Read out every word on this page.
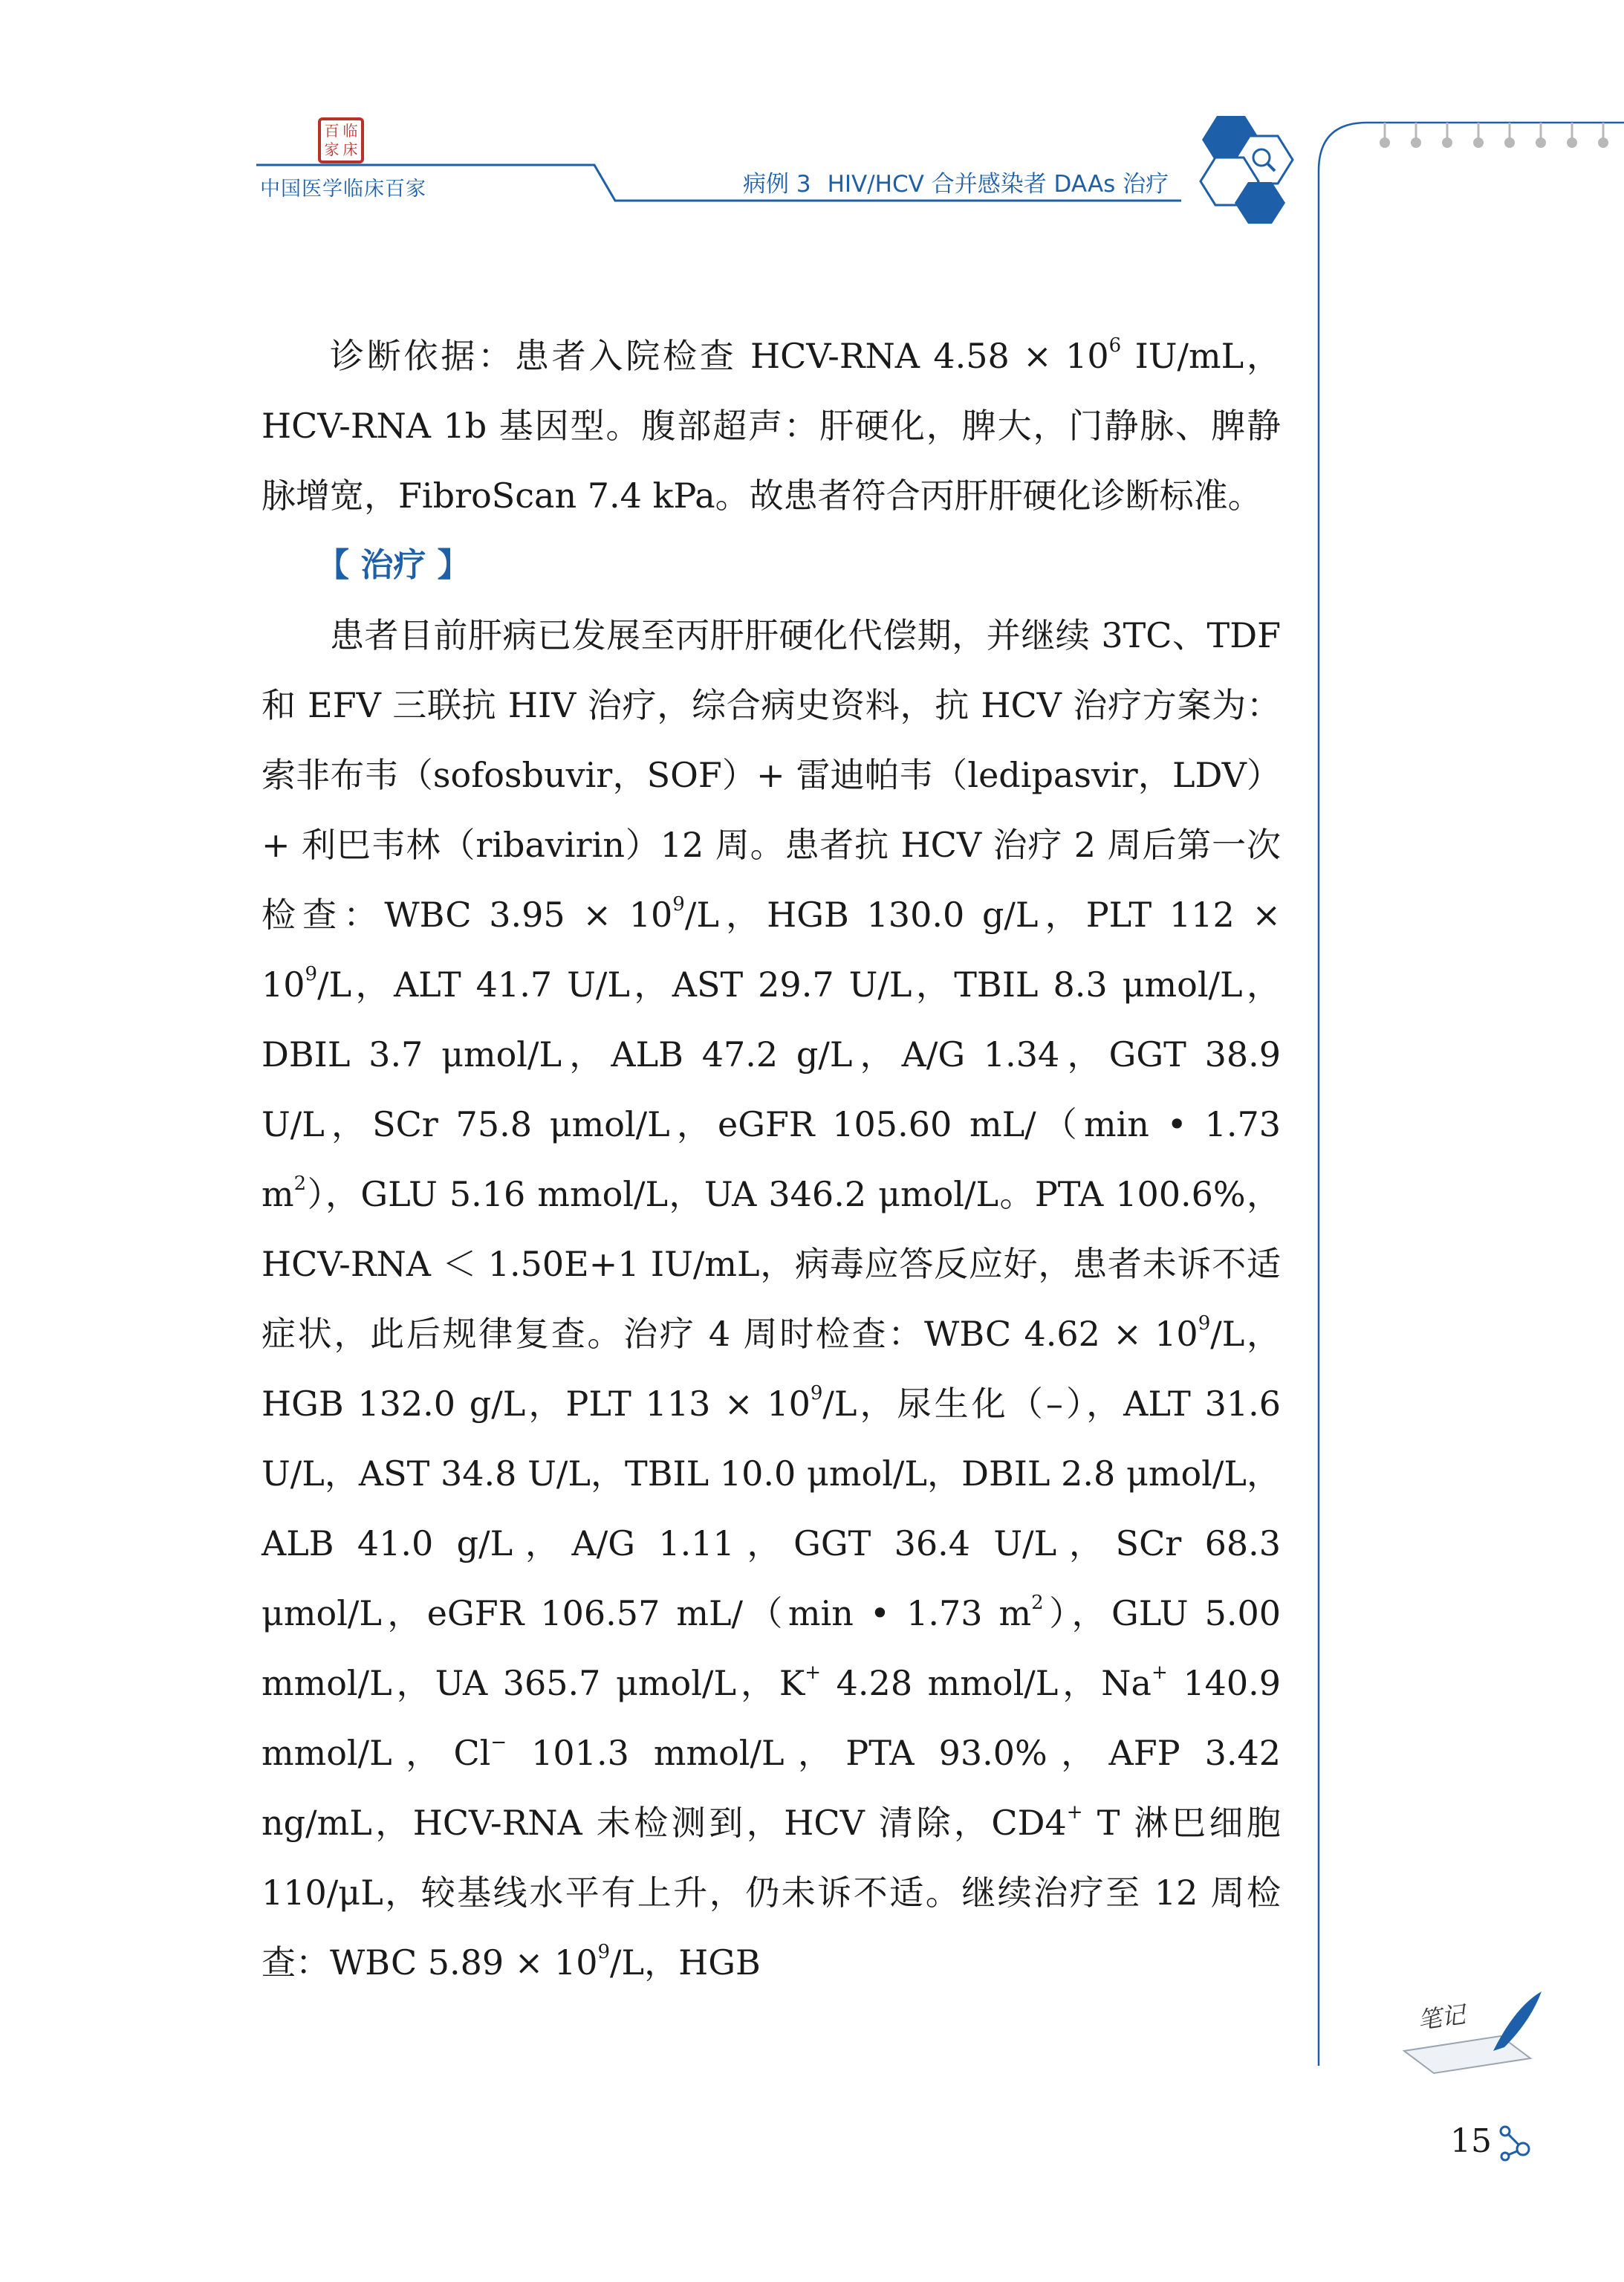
百 临
家 床
中国医学临床百家	病例 3 HIV/HCV 合并感染者 DAAs 治疗

诊断依据：患者入院检查 HCV-RNA $4.58 \times 10^6$ IU/mL，HCV-RNA 1b 基因型。腹部超声：肝硬化，脾大，门静脉、脾静脉增宽，FibroScan 7.4 kPa。故患者符合丙肝肝硬化诊断标准。

【 治疗 】

患者目前肝病已发展至丙肝肝硬化代偿期，并继续 3TC、TDF 和 EFV 三联抗 HIV 治疗，综合病史资料，抗 HCV 治疗方案为：索非布韦（sofosbuvir，SOF）+ 雷迪帕韦（ledipasvir，LDV）+ 利巴韦林（ribavirin）12 周。患者抗 HCV 治疗 2 周后第一次检查：WBC $3.95 \times 10^9/L$，HGB 130.0 g/L，PLT $112 \times 10^9/L$，ALT 41.7 U/L，AST 29.7 U/L，TBIL 8.3 μmol/L，DBIL 3.7 μmol/L，ALB 47.2 g/L，A/G 1.34，GGT 38.9 U/L，SCr 75.8 μmol/L，eGFR 105.60 mL/（min • 1.73 $m^2$），GLU 5.16 mmol/L，UA 346.2 μmol/L。PTA 100.6%，HCV-RNA ＜ 1.50E+1 IU/mL，病毒应答反应好，患者未诉不适症状，此后规律复查。治疗 4 周时检查：WBC $4.62 \times 10^9/L$，HGB 132.0 g/L，PLT $113 \times 10^9/L$，尿生化（–），ALT 31.6 U/L，AST 34.8 U/L，TBIL 10.0 μmol/L，DBIL 2.8 μmol/L，ALB 41.0 g/L，A/G 1.11，GGT 36.4 U/L，SCr 68.3 μmol/L，eGFR 106.57 mL/（min • 1.73 $m^2$），GLU 5.00 mmol/L，UA 365.7 μmol/L，K+ 4.28 mmol/L，Na+ 140.9 mmol/L，Cl− 101.3 mmol/L，PTA 93.0%，AFP 3.42 ng/mL，HCV-RNA 未检测到，HCV 清除，CD4+ T 淋巴细胞 110/μL，较基线水平有上升，仍未诉不适。继续治疗至 12 周检查：WBC $5.89 \times 10^9/L$，HGB

笔记
15
